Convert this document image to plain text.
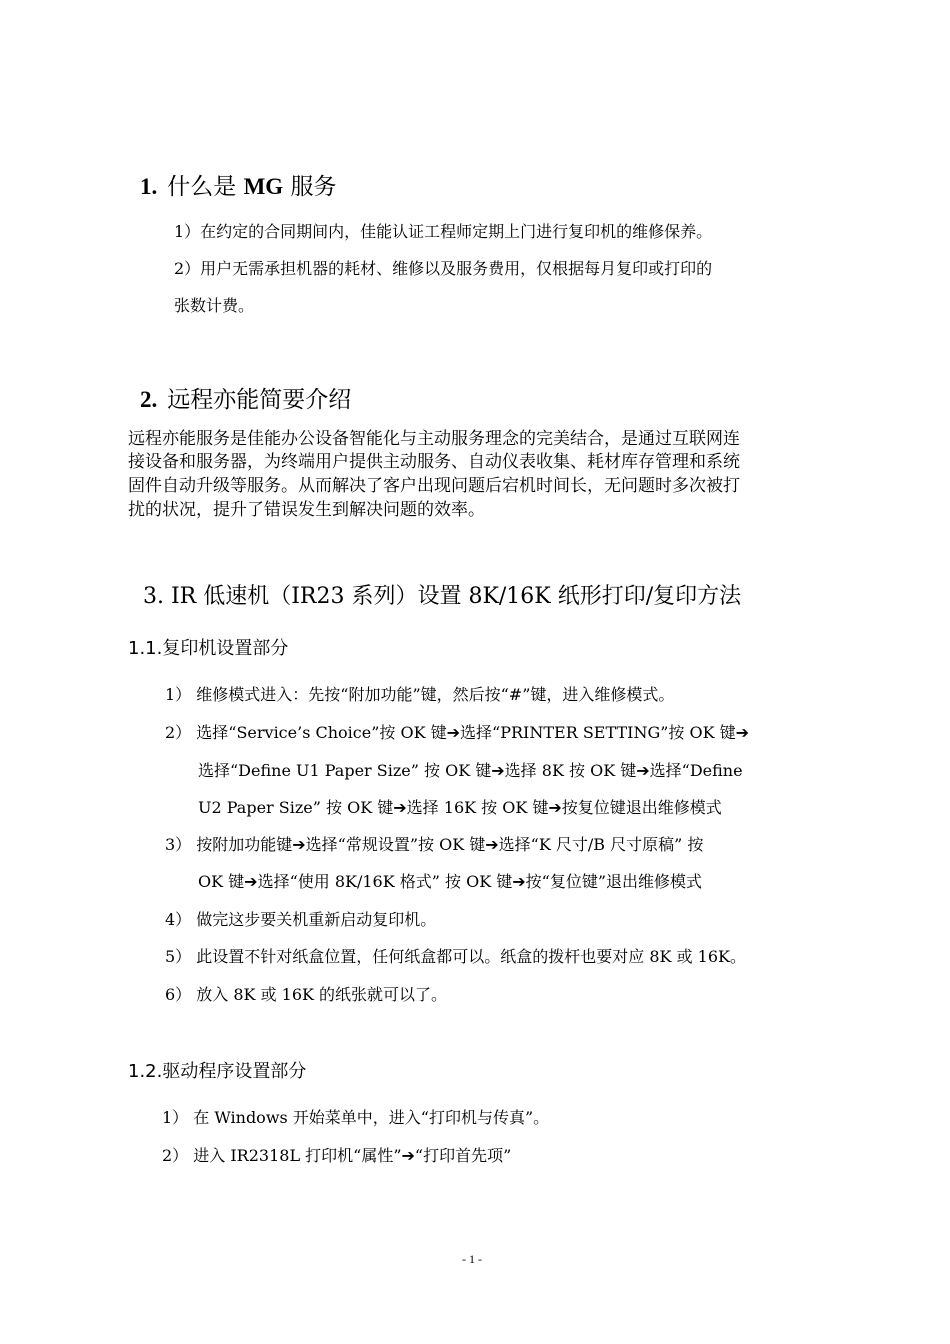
1. 什么是 MG 服务
1）在约定的合同期间内，佳能认证工程师定期上门进行复印机的维修保养。
2）用户无需承担机器的耗材、维修以及服务费用，仅根据每月复印或打印的
张数计费。
2. 远程亦能简要介绍
远程亦能服务是佳能办公设备智能化与主动服务理念的完美结合，是通过互联网连
接设备和服务器，为终端用户提供主动服务、自动仪表收集、耗材库存管理和系统
固件自动升级等服务。从而解决了客户出现问题后宕机时间长，无问题时多次被打
扰的状况，提升了错误发生到解决问题的效率。
3. IR 低速机（IR23 系列）设置 8K/16K 纸形打印/复印方法
1.1.复印机设置部分
1） 维修模式进入：先按“附加功能”键，然后按“#”键，进入维修模式。
2） 选择“Service’s Choice”按 OK 键➔选择“PRINTER SETTING”按 OK 键➔
选择“Define U1 Paper Size” 按 OK 键➔选择 8K 按 OK 键➔选择“Define
U2 Paper Size” 按 OK 键➔选择 16K 按 OK 键➔按复位键退出维修模式
3） 按附加功能键➔选择“常规设置”按 OK 键➔选择“K 尺寸/B 尺寸原稿” 按
OK 键➔选择“使用 8K/16K 格式” 按 OK 键➔按“复位键”退出维修模式
4） 做完这步要关机重新启动复印机。
5） 此设置不针对纸盒位置，任何纸盒都可以。纸盒的拨杆也要对应 8K 或 16K。
6） 放入 8K 或 16K 的纸张就可以了。
1.2.驱动程序设置部分
1） 在 Windows 开始菜单中，进入“打印机与传真”。
2） 进入 IR2318L 打印机“属性”➔“打印首先项”
- 1 -
